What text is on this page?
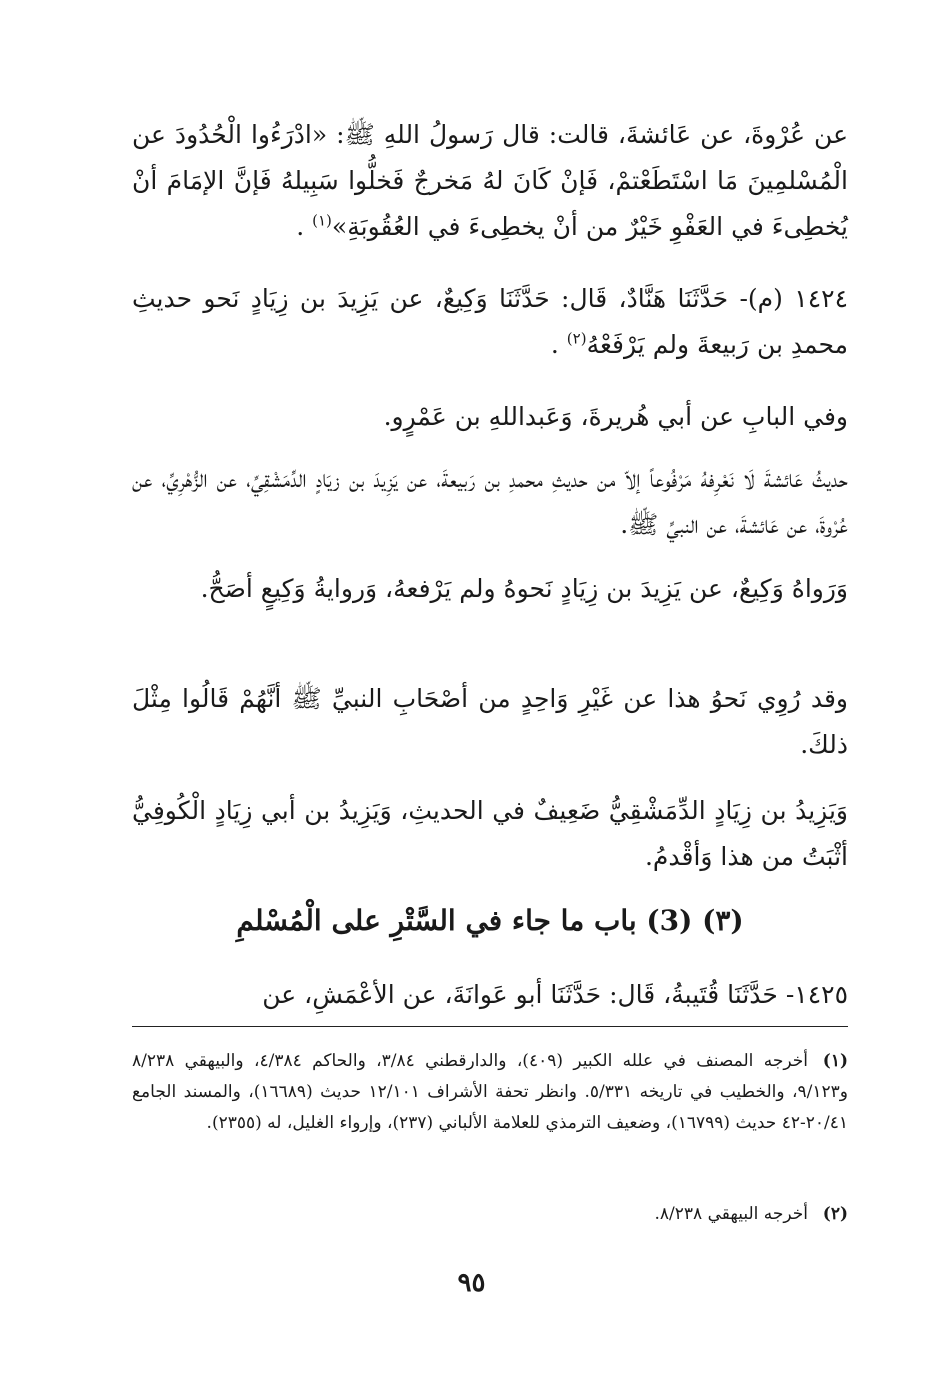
عن عُرْوةَ، عن عَائشةَ، قالت: قال رَسولُ اللهِ ﷺ: «ادْرَءُوا الْحُدُودَ عن الْمُسْلمِينَ مَا اسْتَطَعْتمْ، فَإنْ كَانَ لهُ مَخرجٌ فَخلُّوا سَبِيلهُ فَإنَّ الإمَامَ أنْ يُخطِىءَ في العَفْوِ خَيْرٌ من أنْ يخطِىءَ في العُقُوبَةِ»$^{(١)}$ .

١٤٢٤ (م)- حَدَّثَنَا هَنَّادٌ، قَال: حَدَّثَنَا وَكِيعٌ، عن يَزِيدَ بن زِيَادٍ نَحو حديثِ محمدِ بن رَبيعةَ ولم يَرْفَعْهُ$^{(٢)}$ .

وفي البابِ عن أبي هُريرةَ، وَعَبداللهِ بن عَمْرٍو.

حديثُ عَائشةَ لَا نَعْرِفهُ مَرْفُوعاً إلاّ من حديثِ محمدِ بن رَبيعةَ، عن يَزِيدَ بن زيَادٍ الدِّمَشْقِيِّ، عن الزُّهْرِيِّ، عن عُرْوةَ، عن عَائشةَ، عن النبيِّ ﷺ.

وَرَواهُ وَكِيعٌ، عن يَزِيدَ بن زِيَادٍ نَحوهُ ولم يَرْفعهُ، وَروايةُ وَكِيعٍ أصَحُّ.

وقد رُوِي نَحوُ هذا عن غَيْرِ وَاحِدٍ من أصْحَابِ النبيِّ ﷺ أنَّهُمْ قَالُوا مِثْلَ ذلكَ.

وَيَزِيدُ بن زِيَادٍ الدِّمَشْقِيُّ ضَعِيفٌ في الحديثِ، وَيَزِيدُ بن أبي زِيَادٍ الْكُوفِيُّ أثْبَتُ من هذا وَأقْدمُ.

(٣) (3) باب ما جاء في السَّتْرِ على الْمُسْلمِ

١٤٢٥- حَدَّثَنَا قُتَيبةُ، قَال: حَدَّثَنَا أبو عَوانَةَ، عن الأعْمَشِ، عن

(١)أخرجه المصنف في علله الكبير (٤٠٩)، والدارقطني ٣/٨٤، والحاكم ٤/٣٨٤، والبيهقي ٨/٢٣٨ و٩/١٢٣، والخطيب في تاريخه ٥/٣٣١. وانظر تحفة الأشراف ١٢/١٠١ حديث (١٦٦٨٩)، والمسند الجامع ٢٠/٤١-٤٢ حديث (١٦٧٩٩)، وضعيف الترمذي للعلامة الألباني (٢٣٧)، وإرواء الغليل، له (٢٣٥٥).

(٢)أخرجه البيهقي ٨/٢٣٨.

٩٥
